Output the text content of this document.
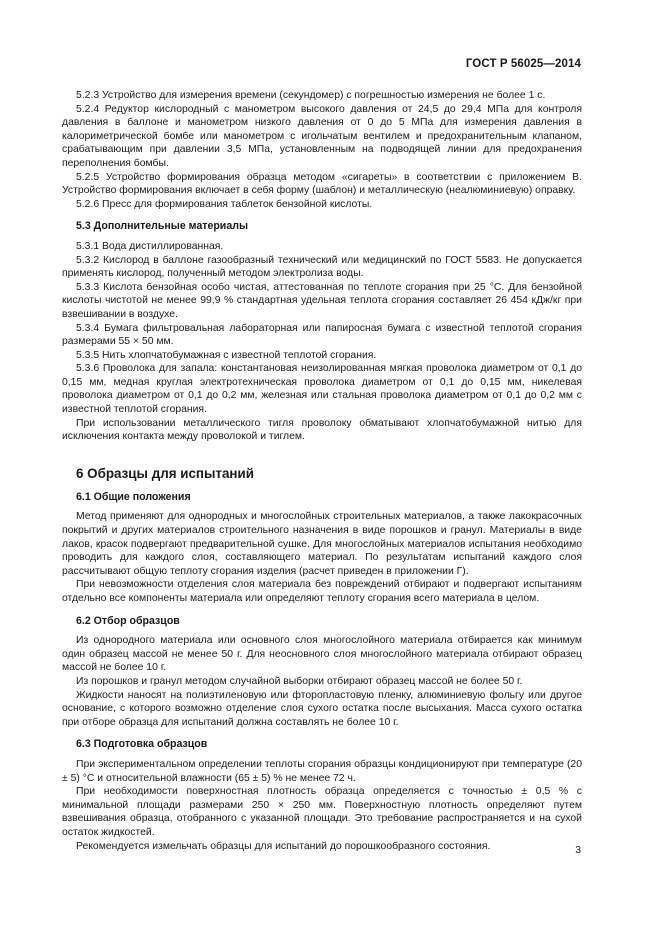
ГОСТ Р 56025—2014

5.2.3 Устройство для измерения времени (секундомер) с погрешностью измерения не более 1 с.

5.2.4 Редуктор кислородный с манометром высокого давления от 24,5 до 29,4 МПа для контроля давления в баллоне и манометром низкого давления от 0 до 5 МПа для измерения давления в калориметрической бомбе или манометром с игольчатым вентилем и предохранительным клапаном, срабатывающим при давлении 3,5 МПа, установленным на подводящей линии для предохранения переполнения бомбы.

5.2.5 Устройство формирования образца методом «сигареты» в соответствии с приложением В. Устройство формирования включает в себя форму (шаблон) и металлическую (неалюминиевую) оправку.

5.2.6 Пресс для формирования таблеток бензойной кислоты.

5.3 Дополнительные материалы

5.3.1 Вода дистиллированная.

5.3.2 Кислород в баллоне газообразный технический или медицинский по ГОСТ 5583. Не допускается применять кислород, полученный методом электролиза воды.

5.3.3 Кислота бензойная особо чистая, аттестованная по теплоте сгорания при 25 °С. Для бензойной кислоты чистотой не менее 99,9 % стандартная удельная теплота сгорания составляет 26 454 кДж/кг при взвешивании в воздухе.

5.3.4 Бумага фильтровальная лабораторная или папиросная бумага с известной теплотой сгорания размерами 55 × 50 мм.

5.3.5 Нить хлопчатобумажная с известной теплотой сгорания.

5.3.6 Проволока для запала: константановая неизолированная мягкая проволока диаметром от 0,1 до 0,15 мм, медная круглая электротехническая проволока диаметром от 0,1 до 0,15 мм, никелевая проволока диаметром от 0,1 до 0,2 мм, железная или стальная проволока диаметром от 0,1 до 0,2 мм с известной теплотой сгорания.

При использовании металлического тигля проволоку обматывают хлопчатобумажной нитью для исключения контакта между проволокой и тиглем.

6 Образцы для испытаний
6.1 Общие положения

Метод применяют для однородных и многослойных строительных материалов, а также лакокрасочных покрытий и других материалов строительного назначения в виде порошков и гранул. Материалы в виде лаков, красок подвергают предварительной сушке. Для многослойных материалов испытания необходимо проводить для каждого слоя, составляющего материал. По результатам испытаний каждого слоя рассчитывают общую теплоту сгорания изделия (расчет приведен в приложении Г).

При невозможности отделения слоя материала без повреждений отбирают и подвергают испытаниям отдельно все компоненты материала или определяют теплоту сгорания всего материала в целом.

6.2 Отбор образцов

Из однородного материала или основного слоя многослойного материала отбирается как минимум один образец массой не менее 50 г. Для неосновного слоя многослойного материала отбирают образец массой не более 10 г.

Из порошков и гранул методом случайной выборки отбирают образец массой не более 50 г.

Жидкости наносят на полиэтиленовую или фторопластовую пленку, алюминиевую фольгу или другое основание, с которого возможно отделение слоя сухого остатка после высыхания. Масса сухого остатка при отборе образца для испытаний должна составлять не более 10 г.

6.3 Подготовка образцов

При экспериментальном определении теплоты сгорания образцы кондиционируют при температуре (20 ± 5) °С и относительной влажности (65 ± 5) % не менее 72 ч.

При необходимости поверхностная плотность образца определяется с точностью ± 0,5 % с минимальной площади размерами 250 × 250 мм. Поверхностную плотность определяют путем взвешивания образца, отобранного с указанной площади. Это требование распространяется и на сухой остаток жидкостей.

Рекомендуется измельчать образцы для испытаний до порошкообразного состояния.	3
